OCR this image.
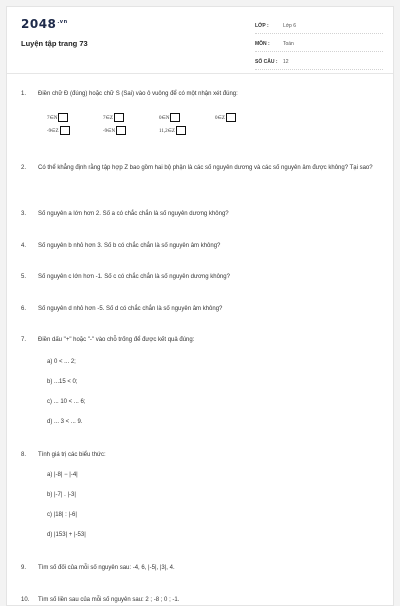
$2048^{.vn}$
Luyện tập trang 73
LỚP :	Lớp 6
MÔN :	Toán
SỐ CÂU :	12
1. Điền chữ Đ (đúng) hoặc chữ S (Sai) vào ô vuông để có một nhận xét đúng:
7∈N	7∈Z	0∈N	0∈Z
-9∈Z	-9∈N	11,2∈Z
2. Có thể khẳng định rằng tập hợp Z bao gồm hai bộ phận là các số nguyên dương và các số nguyên âm được không? Tại sao?
3. Số nguyên a lớn hơn 2. Số a có chắc chắn là số nguyên dương không?
4. Số nguyên b nhỏ hơn 3. Số b có chắc chắn là số nguyên âm không?
5. Số nguyên c lớn hơn -1. Số c có chắc chắn là số nguyên dương không?
6. Số nguyên d nhỏ hơn -5. Số d có chắc chắn là số nguyên âm không?
7. Điền dấu "+" hoặc "-" vào chỗ trống để được kết quả đúng:
a) 0 < ... 2;
b) ...15 < 0;
c) ... 10 < ... 6;
d) ... 3 < ... 9.
8. Tính giá trị các biểu thức:
a) |-8| − |-4|
b) |-7| . |-3|
c) |18| : |-6|
d) |153| + |-53|
9. Tìm số đối của mỗi số nguyên sau: -4, 6, |-5|, |3|, 4.
10. Tìm số liền sau của mỗi số nguyên sau: 2 ; -8 ; 0 ; -1.
